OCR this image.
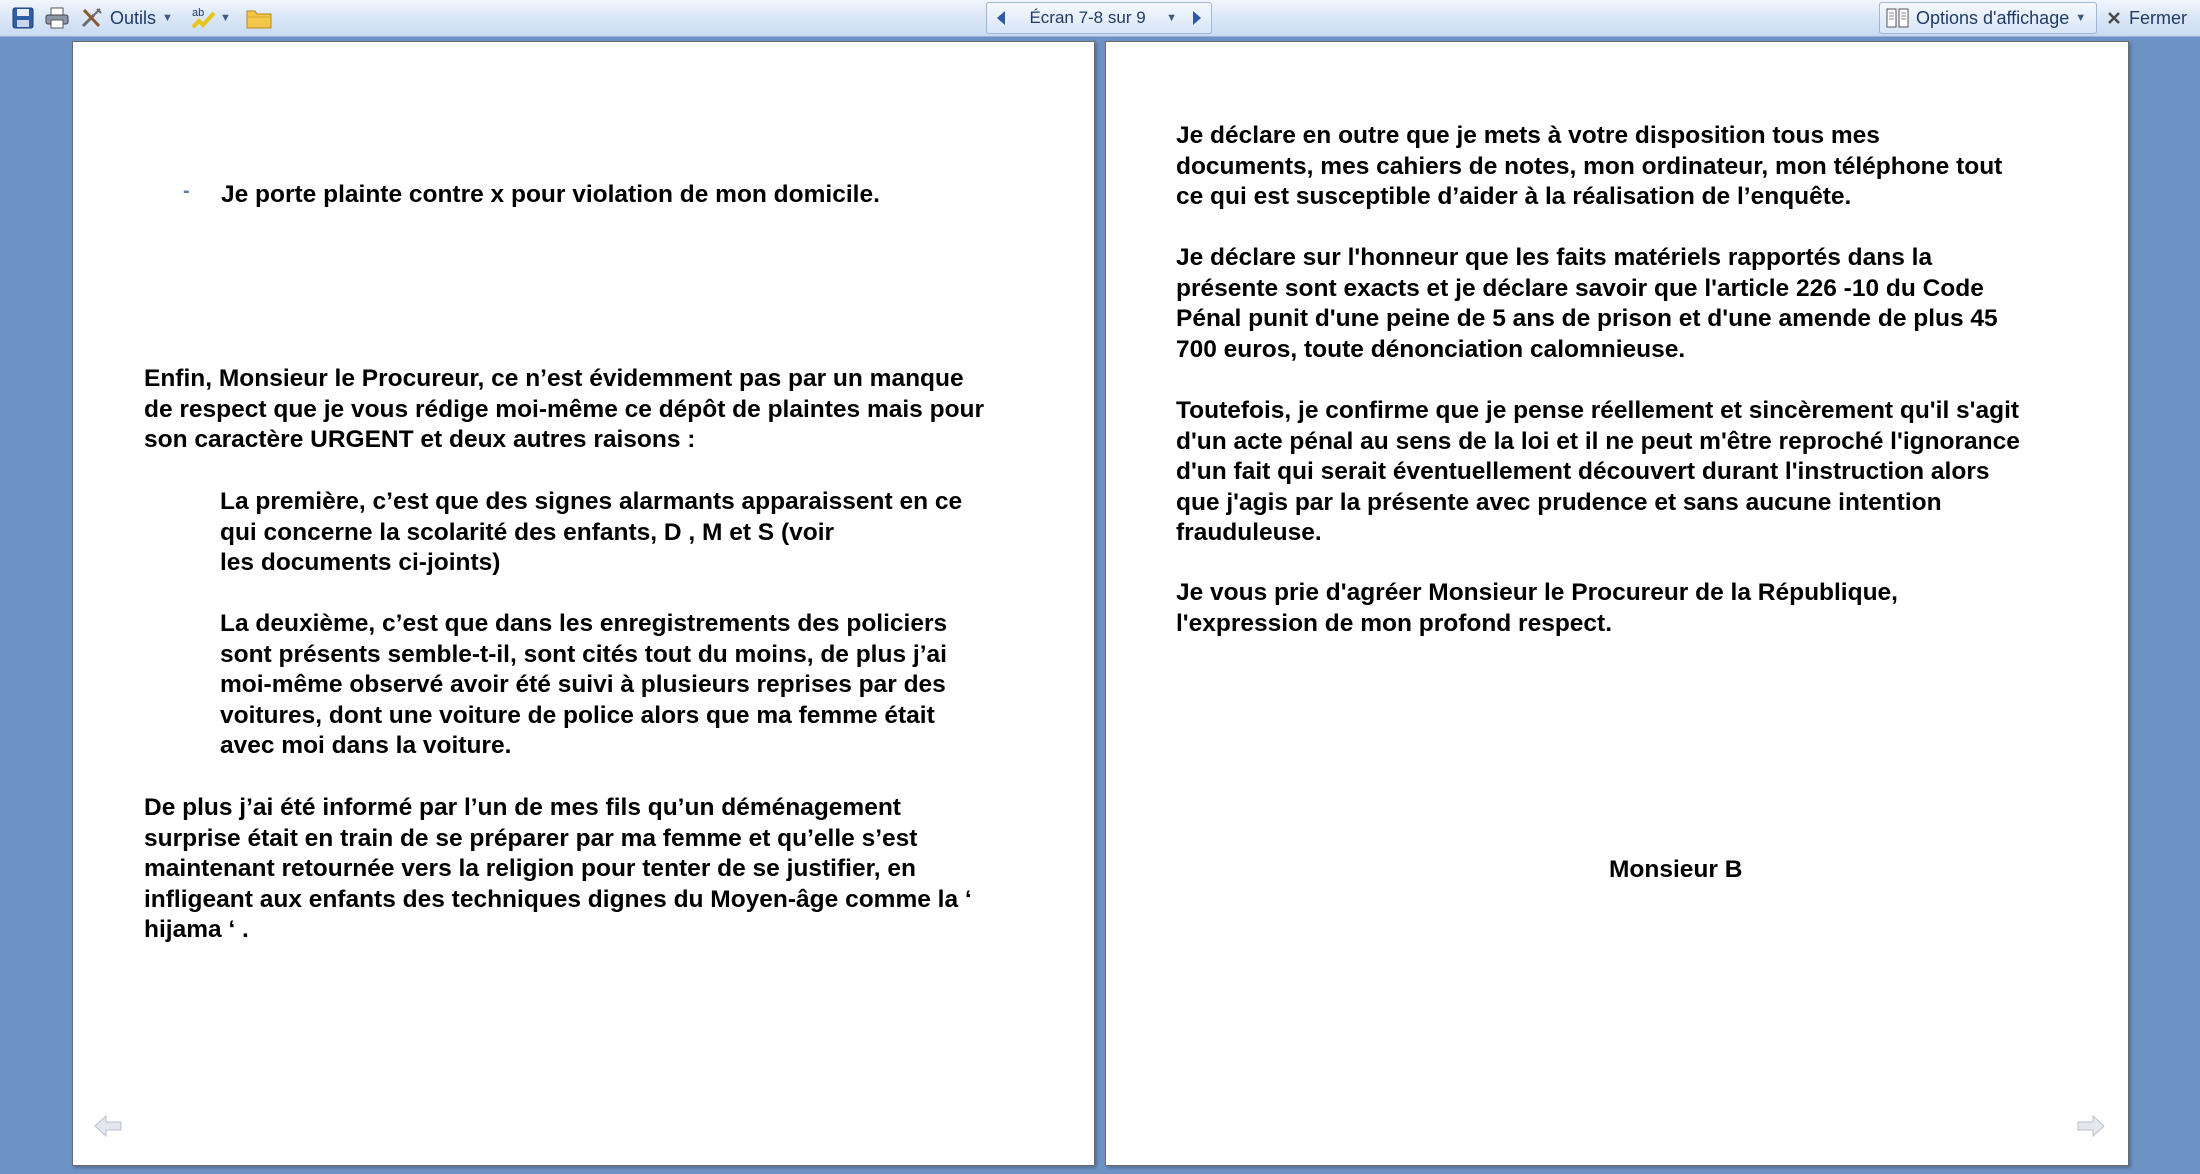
Outils ▼ ab ▼	Écran 7-8 sur 9	▼	Options d'affichage ▼ Fermer
- Je porte plainte contre x pour violation de mon domicile.

Enfin, Monsieur le Procureur, ce n’est évidemment pas par un manque
de respect que je vous rédige moi-même ce dépôt de plaintes mais pour
son caractère URGENT et deux autres raisons :

La première, c’est que des signes alarmants apparaissent en ce
qui concerne la scolarité des enfants, D , M et S (voir
les documents ci-joints)

La deuxième, c’est que dans les enregistrements des policiers
sont présents semble-t-il, sont cités tout du moins, de plus j’ai
moi-même observé avoir été suivi à plusieurs reprises par des
voitures, dont une voiture de police alors que ma femme était
avec moi dans la voiture.

De plus j’ai été informé par l’un de mes fils qu’un déménagement
surprise était en train de se préparer par ma femme et qu’elle s’est
maintenant retournée vers la religion pour tenter de se justifier, en
infligeant aux enfants des techniques dignes du Moyen-âge comme la ‘
hijama ‘ .

Je déclare en outre que je mets à votre disposition tous mes
documents, mes cahiers de notes, mon ordinateur, mon téléphone tout
ce qui est susceptible d’aider à la réalisation de l’enquête.

Je déclare sur l'honneur que les faits matériels rapportés dans la
présente sont exacts et je déclare savoir que l'article 226 -10 du Code
Pénal punit d'une peine de 5 ans de prison et d'une amende de plus 45
700 euros, toute dénonciation calomnieuse.

Toutefois, je confirme que je pense réellement et sincèrement qu'il s'agit
d'un acte pénal au sens de la loi et il ne peut m'être reproché l'ignorance
d'un fait qui serait éventuellement découvert durant l'instruction alors
que j'agis par la présente avec prudence et sans aucune intention
frauduleuse.

Je vous prie d'agréer Monsieur le Procureur de la République,
l'expression de mon profond respect.

Monsieur B
